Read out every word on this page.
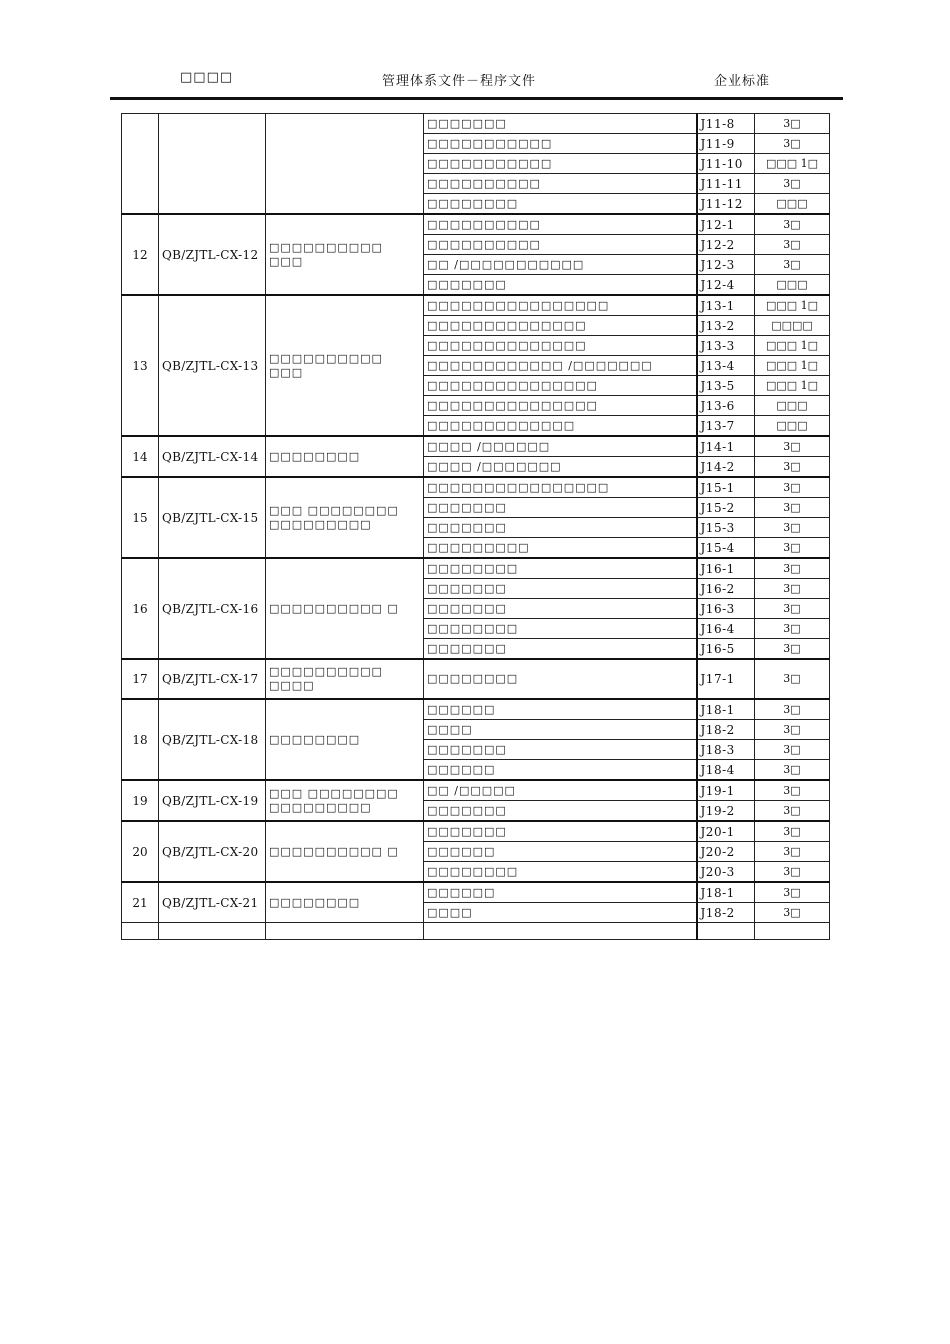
□□□□	管理体系文件－程序文件	企业标准
			□□□□□□□	J11-8	3□
			□□□□□□□□□□□	J11-9	3□
			□□□□□□□□□□□	J11-10	□□□ 1□
			□□□□□□□□□□	J11-11	3□
			□□□□□□□□	J11-12	□□□
12	QB/ZJTL-CX-12	□□□□□□□□□□ □□□	□□□□□□□□□□	J12-1	3□
			□□□□□□□□□□	J12-2	3□
			□□ /□□□□□□□□□□□	J12-3	3□
			□□□□□□□	J12-4	□□□
13	QB/ZJTL-CX-13	□□□□□□□□□□ □□□	□□□□□□□□□□□□□□□□	J13-1	□□□ 1□
			□□□□□□□□□□□□□□	J13-2	□□□□
			□□□□□□□□□□□□□□	J13-3	□□□ 1□
			□□□□□□□□□□□□ /□□□□□□□	J13-4	□□□ 1□
			□□□□□□□□□□□□□□□	J13-5	□□□ 1□
			□□□□□□□□□□□□□□□	J13-6	□□□
			□□□□□□□□□□□□□	J13-7	□□□
14	QB/ZJTL-CX-14	□□□□□□□□	□□□□ /□□□□□□	J14-1	3□
			□□□□ /□□□□□□□	J14-2	3□
15	QB/ZJTL-CX-15	□□□ □□□□□□□□ □□□□□□□□□	□□□□□□□□□□□□□□□□	J15-1	3□
			□□□□□□□	J15-2	3□
			□□□□□□□	J15-3	3□
			□□□□□□□□□	J15-4	3□
16	QB/ZJTL-CX-16	□□□□□□□□□□ □	□□□□□□□□	J16-1	3□
			□□□□□□□	J16-2	3□
			□□□□□□□	J16-3	3□
			□□□□□□□□	J16-4	3□
			□□□□□□□	J16-5	3□
17	QB/ZJTL-CX-17	□□□□□□□□□□ □□□□	□□□□□□□□	J17-1	3□
18	QB/ZJTL-CX-18	□□□□□□□□	□□□□□□	J18-1	3□
			□□□□	J18-2	3□
			□□□□□□□	J18-3	3□
			□□□□□□	J18-4	3□
19	QB/ZJTL-CX-19	□□□ □□□□□□□□ □□□□□□□□□	□□ /□□□□□	J19-1	3□
			□□□□□□□	J19-2	3□
20	QB/ZJTL-CX-20	□□□□□□□□□□ □	□□□□□□□	J20-1	3□
			□□□□□□	J20-2	3□
			□□□□□□□□	J20-3	3□
21	QB/ZJTL-CX-21	□□□□□□□□	□□□□□□	J18-1	3□
			□□□□	J18-2	3□
